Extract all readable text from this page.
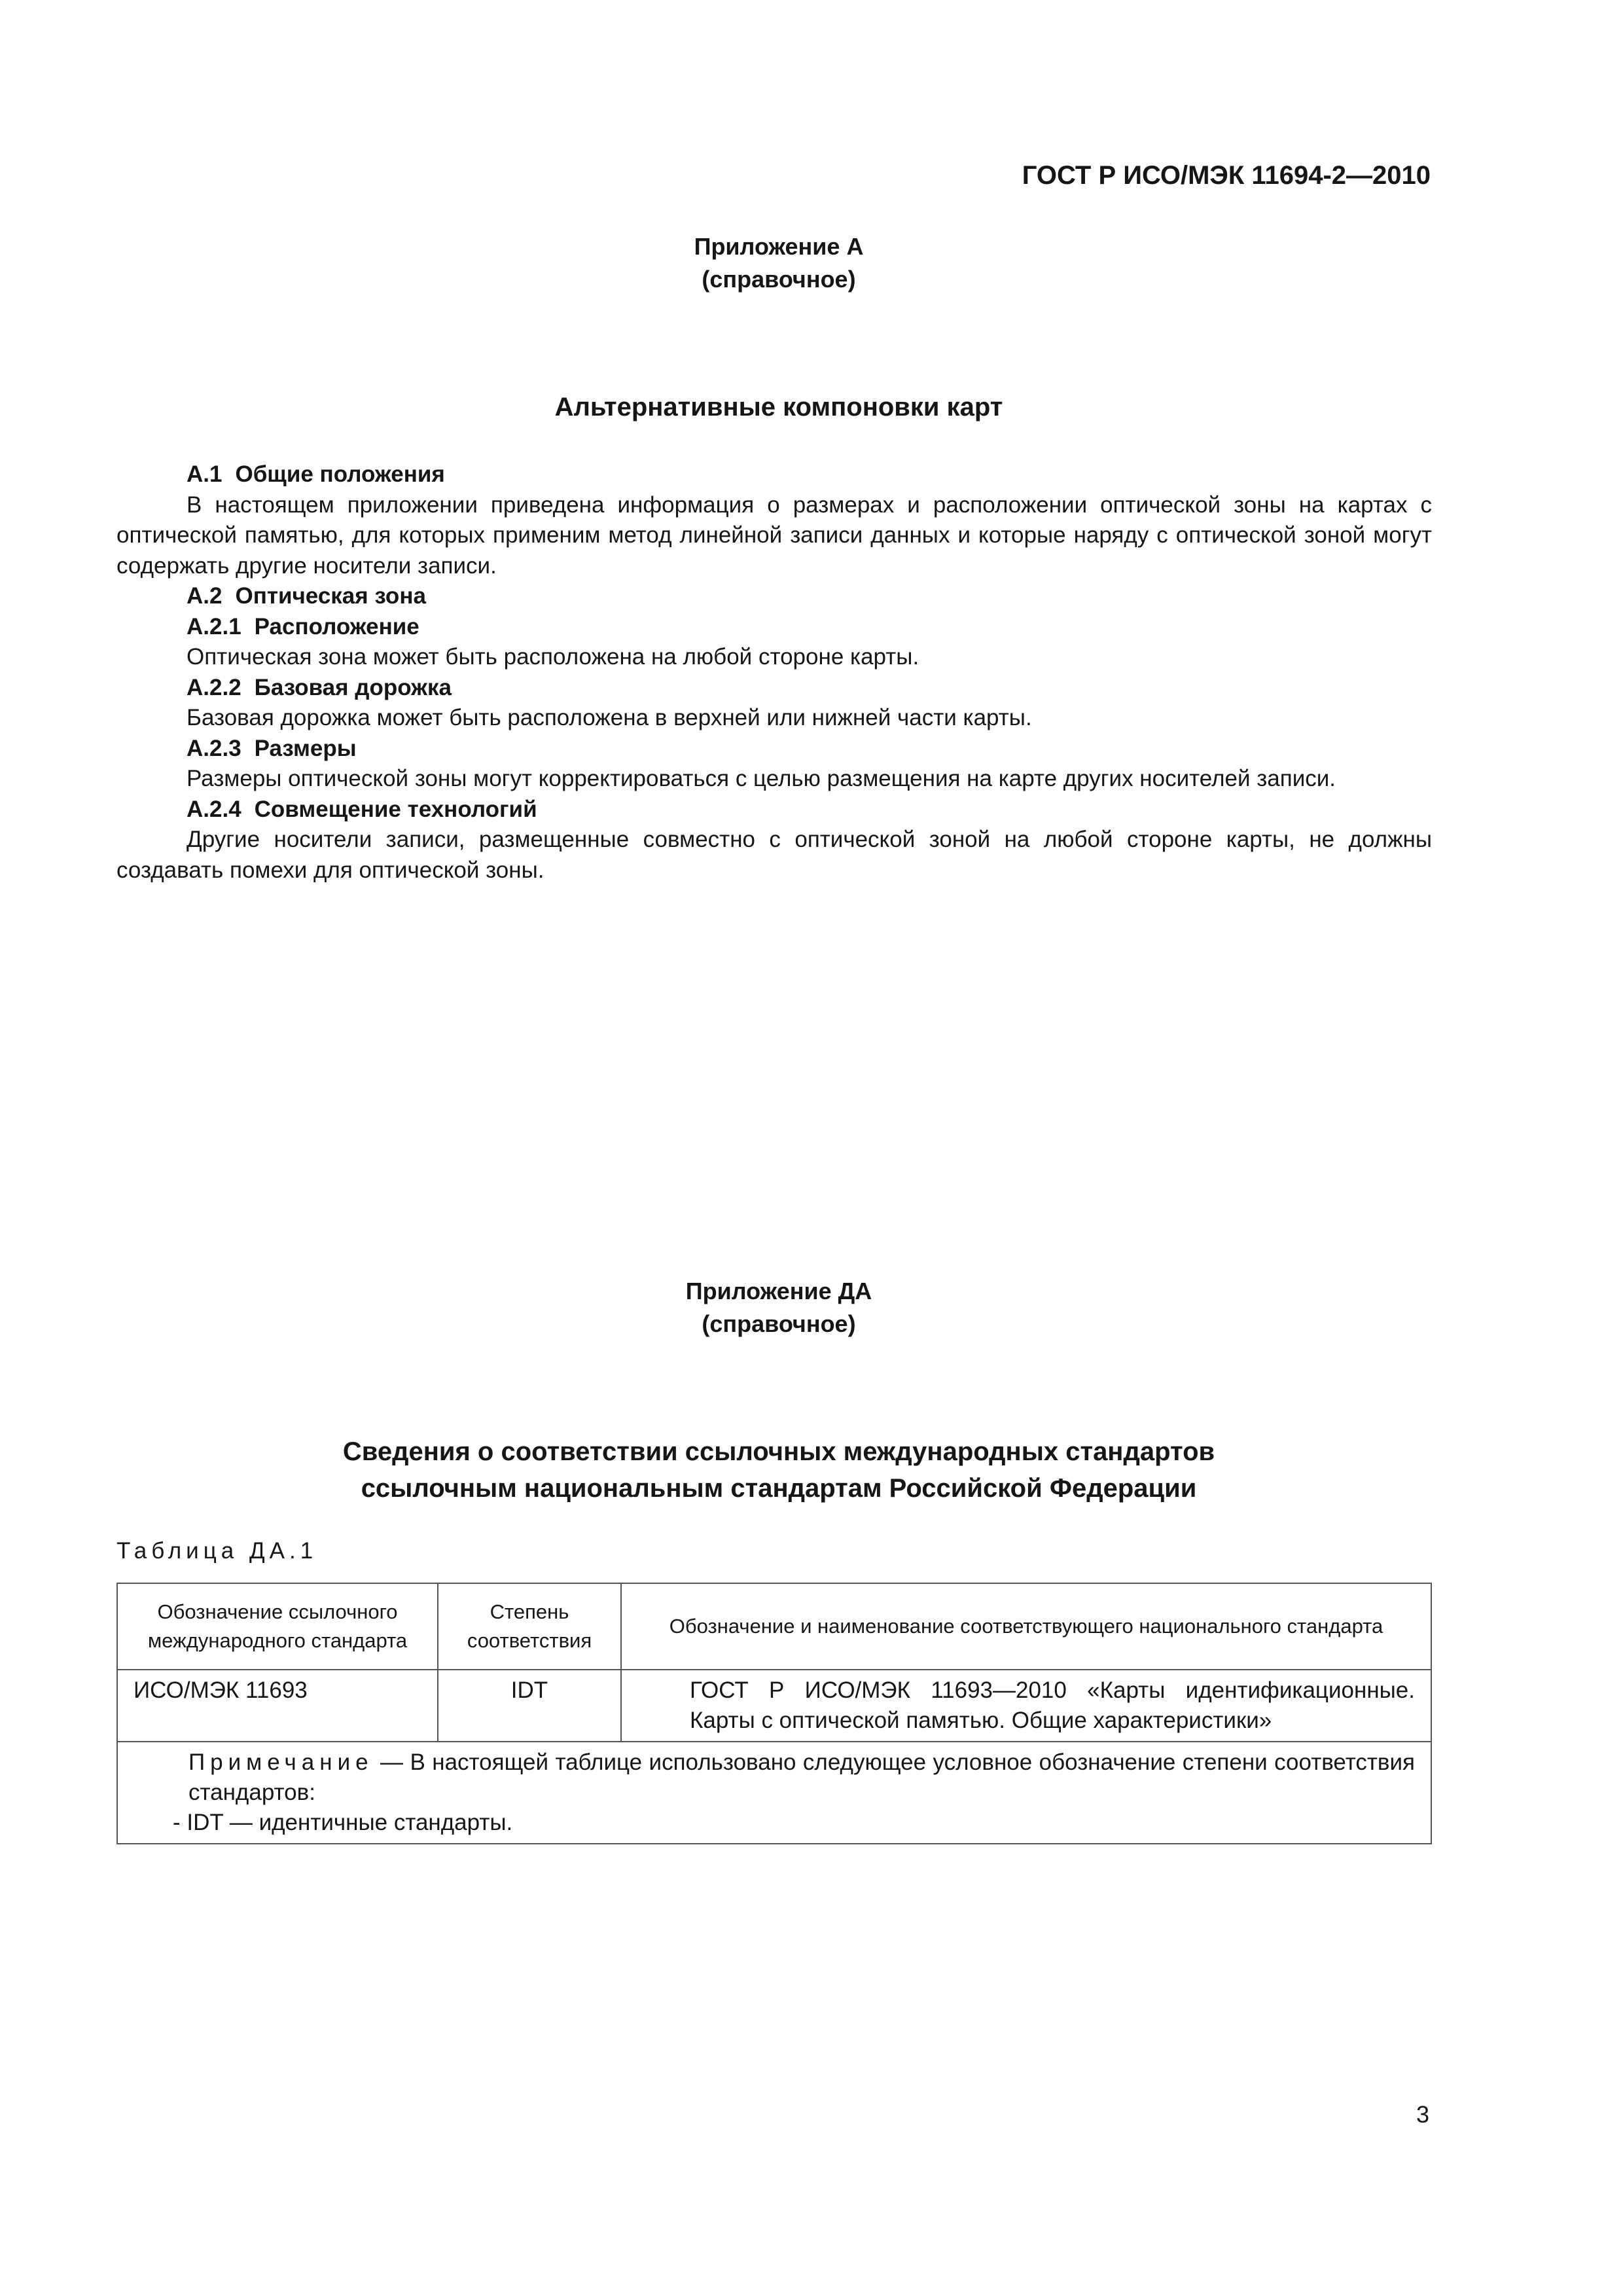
ГОСТ Р ИСО/МЭК 11694-2—2010
Приложение А
(справочное)
Альтернативные компоновки карт

А.1 Общие положения

В настоящем приложении приведена информация о размерах и расположении оптической зоны на картах с оптической памятью, для которых применим метод линейной записи данных и которые наряду с оптической зоной могут содержать другие носители записи.

А.2 Оптическая зона

А.2.1 Расположение

Оптическая зона может быть расположена на любой стороне карты.

А.2.2 Базовая дорожка

Базовая дорожка может быть расположена в верхней или нижней части карты.

А.2.3 Размеры

Размеры оптической зоны могут корректироваться с целью размещения на карте других носителей записи.

А.2.4 Совмещение технологий

Другие носители записи, размещенные совместно с оптической зоной на любой стороне карты, не должны создавать помехи для оптической зоны.

Приложение ДА
(справочное)
Сведения о соответствии ссылочных международных стандартов
ссылочным национальным стандартам Российской Федерации
Таблица ДА.1
Обозначение ссылочного международного стандарта	Степень соответствия	Обозначение и наименование соответствующего национального стандарта
ИСО/МЭК 11693	IDT	ГОСТ Р ИСО/МЭК 11693—2010 «Карты идентификационные. Карты с оптической памятью. Общие характеристики»

Примечание — В настоящей таблице использовано следующее условное обозначение степени соответствия стандартов:
- IDT — идентичные стандарты.		
3
